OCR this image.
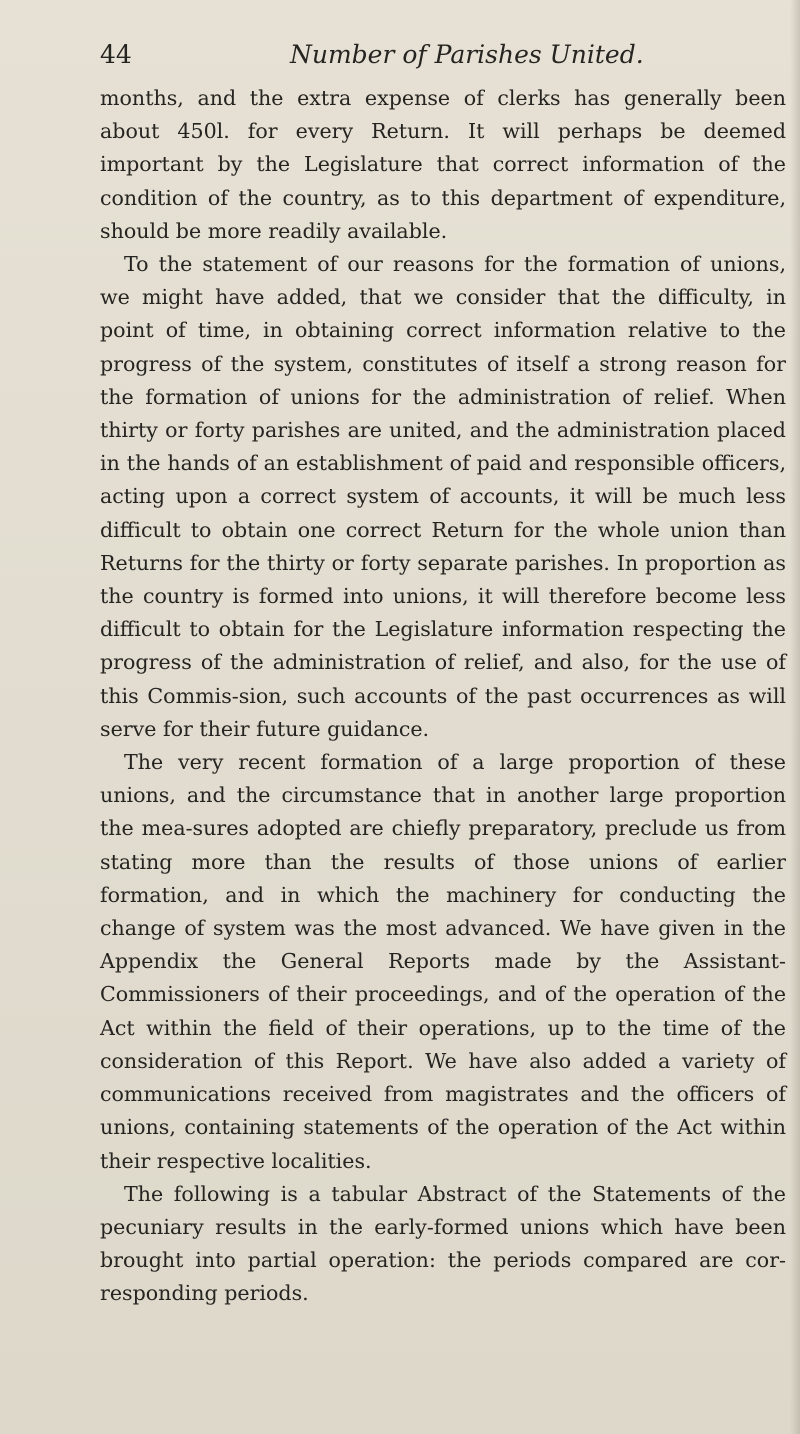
44	Number of Parishes United.

months, and the extra expense of clerks has generally been about 450l. for every Return. It will perhaps be deemed important by the Legislature that correct information of the condition of the country, as to this department of expenditure, should be more readily available.

To the statement of our reasons for the formation of unions, we might have added, that we consider that the difficulty, in point of time, in obtaining correct information relative to the progress of the system, constitutes of itself a strong reason for the formation of unions for the administration of relief. When thirty or forty parishes are united, and the administration placed in the hands of an establishment of paid and responsible officers, acting upon a correct system of accounts, it will be much less difficult to obtain one correct Return for the whole union than Returns for the thirty or forty separate parishes. In proportion as the country is formed into unions, it will therefore become less difficult to obtain for the Legislature information respecting the progress of the administration of relief, and also, for the use of this Commis-sion, such accounts of the past occurrences as will serve for their future guidance.

The very recent formation of a large proportion of these unions, and the circumstance that in another large proportion the mea-sures adopted are chiefly preparatory, preclude us from stating more than the results of those unions of earlier formation, and in which the machinery for conducting the change of system was the most advanced. We have given in the Appendix the General Reports made by the Assistant-Commissioners of their proceedings, and of the operation of the Act within the field of their operations, up to the time of the consideration of this Report. We have also added a variety of communications received from magistrates and the officers of unions, containing statements of the operation of the Act within their respective localities.

The following is a tabular Abstract of the Statements of the pecuniary results in the early-formed unions which have been brought into partial operation: the periods compared are cor-responding periods.
